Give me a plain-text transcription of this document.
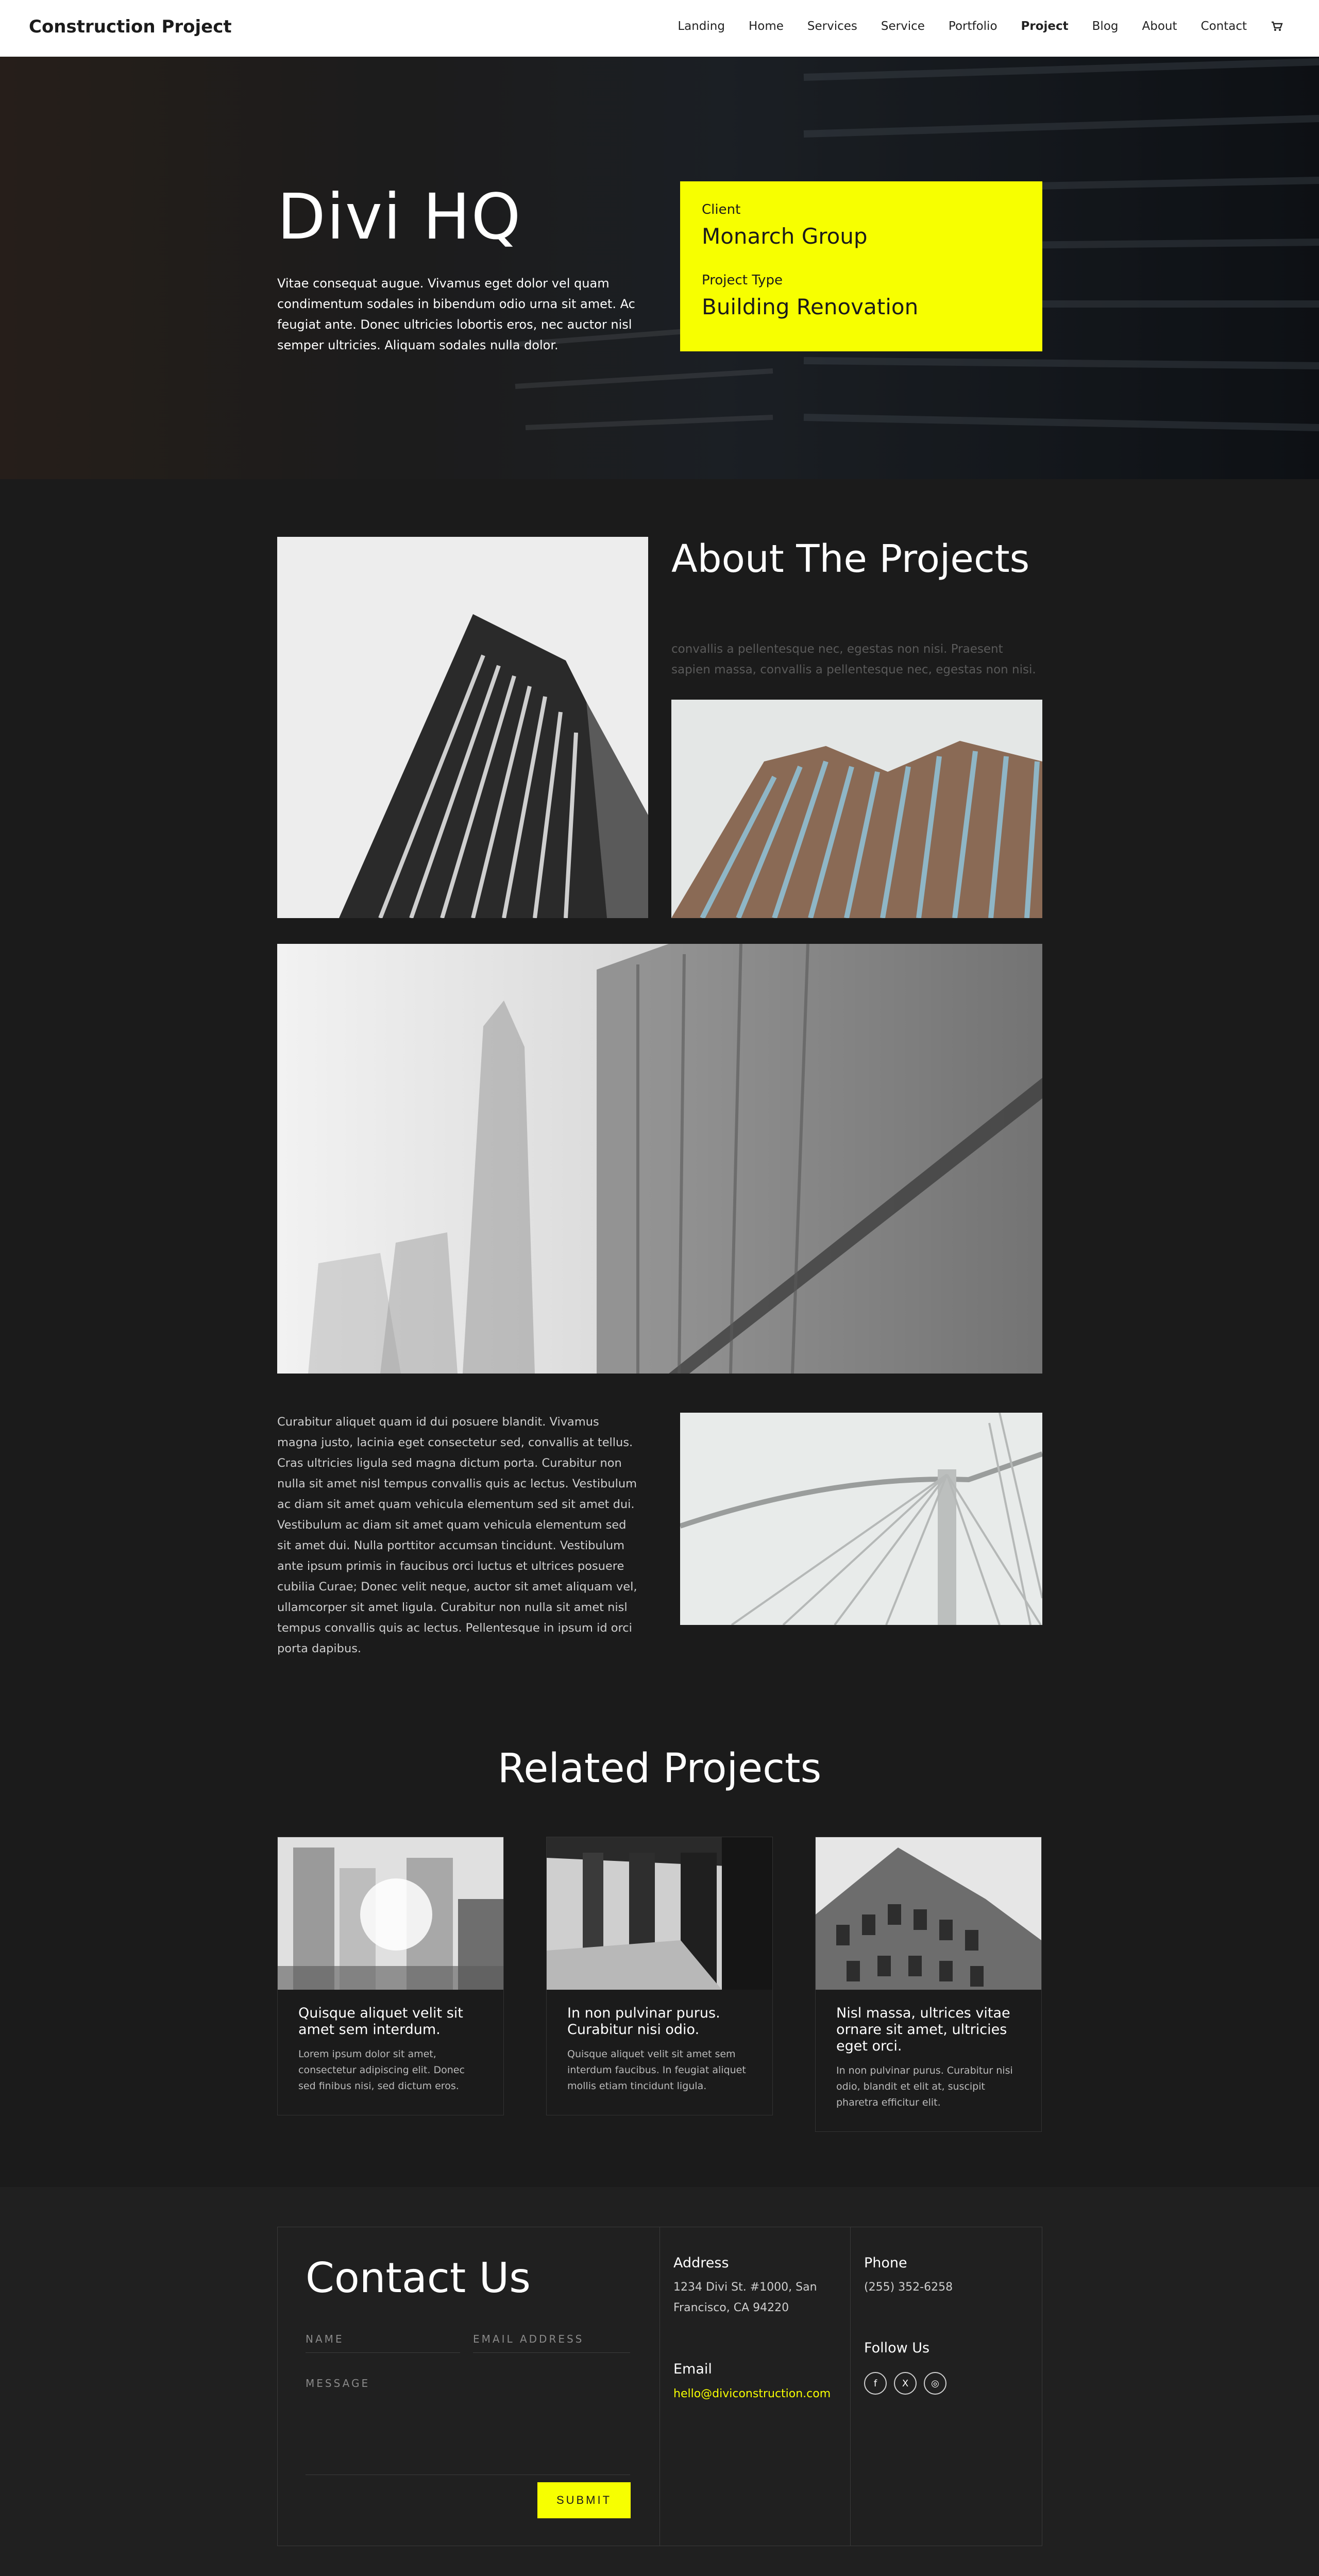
Construction Project	Landing Home Services Service Portfolio Project Blog About Contact
Divi HQ

Vitae consequat augue. Vivamus eget dolor vel quam condimentum sodales in bibendum odio urna sit amet. Ac feugiat ante. Donec ultricies lobortis eros, nec auctor nisl semper ultricies. Aliquam sodales nulla dolor.

Client
Monarch Group
Project Type
Building Renovation
About The Projects

convallis a pellentesque nec, egestas non nisi. Praesent sapien massa, convallis a pellentesque nec, egestas non nisi.

Curabitur aliquet quam id dui posuere blandit. Vivamus magna justo, lacinia eget consectetur sed, convallis at tellus. Cras ultricies ligula sed magna dictum porta. Curabitur non nulla sit amet nisl tempus convallis quis ac lectus. Vestibulum ac diam sit amet quam vehicula elementum sed sit amet dui. Vestibulum ac diam sit amet quam vehicula elementum sed sit amet dui. Nulla porttitor accumsan tincidunt. Vestibulum ante ipsum primis in faucibus orci luctus et ultrices posuere cubilia Curae; Donec velit neque, auctor sit amet aliquam vel, ullamcorper sit amet ligula. Curabitur non nulla sit amet nisl tempus convallis quis ac lectus. Pellentesque in ipsum id orci porta dapibus.

Related Projects
Quisque aliquet velit sit amet sem interdum.
Lorem ipsum dolor sit amet, consectetur adipiscing elit. Donec sed finibus nisi, sed dictum eros.
In non pulvinar purus. Curabitur nisi odio.
Quisque aliquet velit sit amet sem interdum faucibus. In feugiat aliquet mollis etiam tincidunt ligula.
Nisl massa, ultrices vitae ornare sit amet, ultricies eget orci.
In non pulvinar purus. Curabitur nisi odio, blandit et elit at, suscipit pharetra efficitur elit.
Contact Us
NAME	EMAIL ADDRESS
MESSAGE
SUBMIT
Address
1234 Divi St. #1000, San
Francisco, CA 94220
Email
hello@diviconstruction.com
Phone
(255) 352-6258
Follow Us
f	X	◎
